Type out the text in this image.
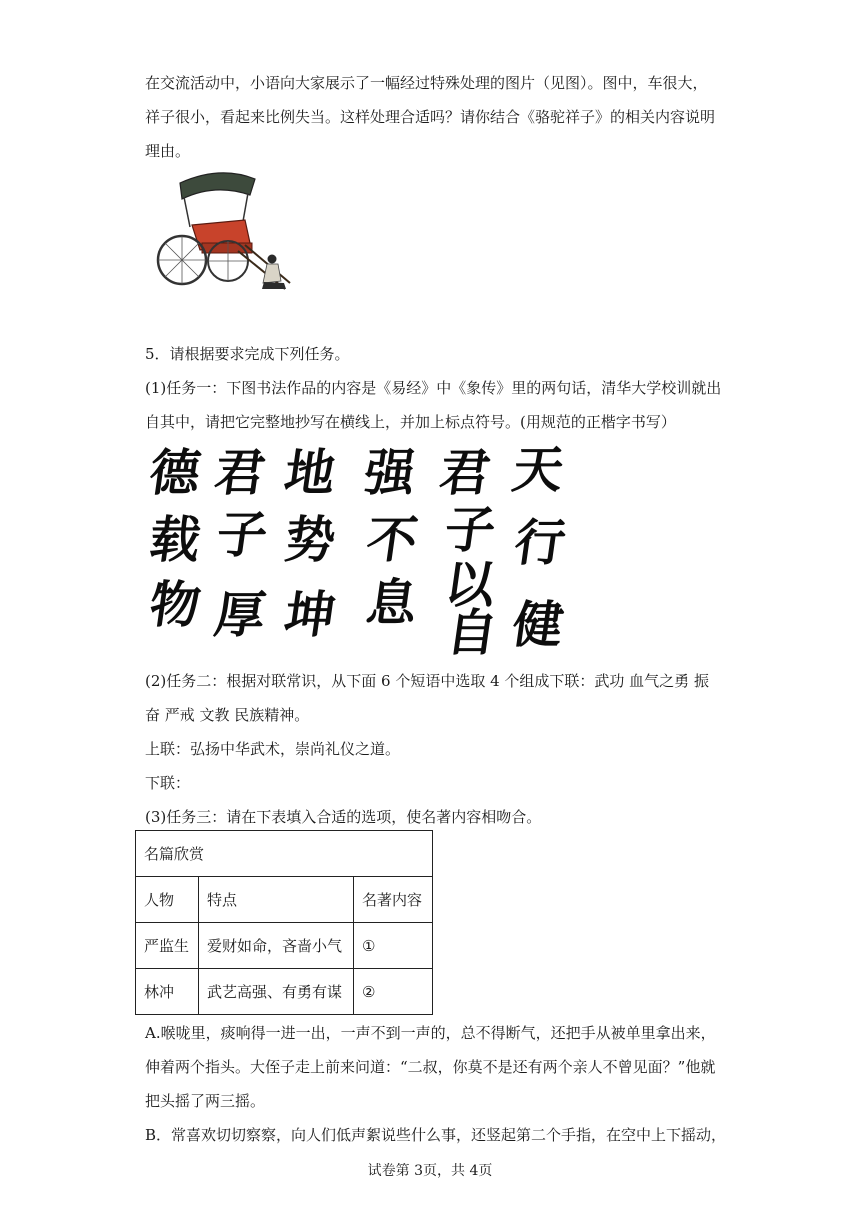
在交流活动中，小语向大家展示了一幅经过特殊处理的图片（见图）。图中，车很大，
祥子很小，看起来比例失当。这样处理合适吗？请你结合《骆驼祥子》的相关内容说明
理由。
5．请根据要求完成下列任务。
(1)任务一：下图书法作品的内容是《易经》中《象传》里的两句话，清华大学校训就出
自其中，请把它完整地抄写在横线上，并加上标点符号。(用规范的正楷字书写）
德
载
物
君
子
厚
地
势
坤
强
不
息
君
子
以
自
天
行
健
(2)任务二：根据对联常识，从下面 6 个短语中选取 4 个组成下联：武功 血气之勇 振
奋 严戒 文教 民族精神。
上联：弘扬中华武术，崇尚礼仪之道。
下联：
(3)任务三：请在下表填入合适的选项，使名著内容相吻合。
名篇欣赏		
人物	特点	名著内容
严监生	爱财如命，吝啬小气	①
林冲	武艺高强、有勇有谋	②
A.喉咙里，痰响得一进一出，一声不到一声的，总不得断气，还把手从被单里拿出来，
伸着两个指头。大侄子走上前来问道：“二叔，你莫不是还有两个亲人不曾见面？”他就
把头摇了两三摇。
B．常喜欢切切察察，向人们低声絮说些什么事，还竖起第二个手指，在空中上下摇动，
试卷第 3页，共 4页
